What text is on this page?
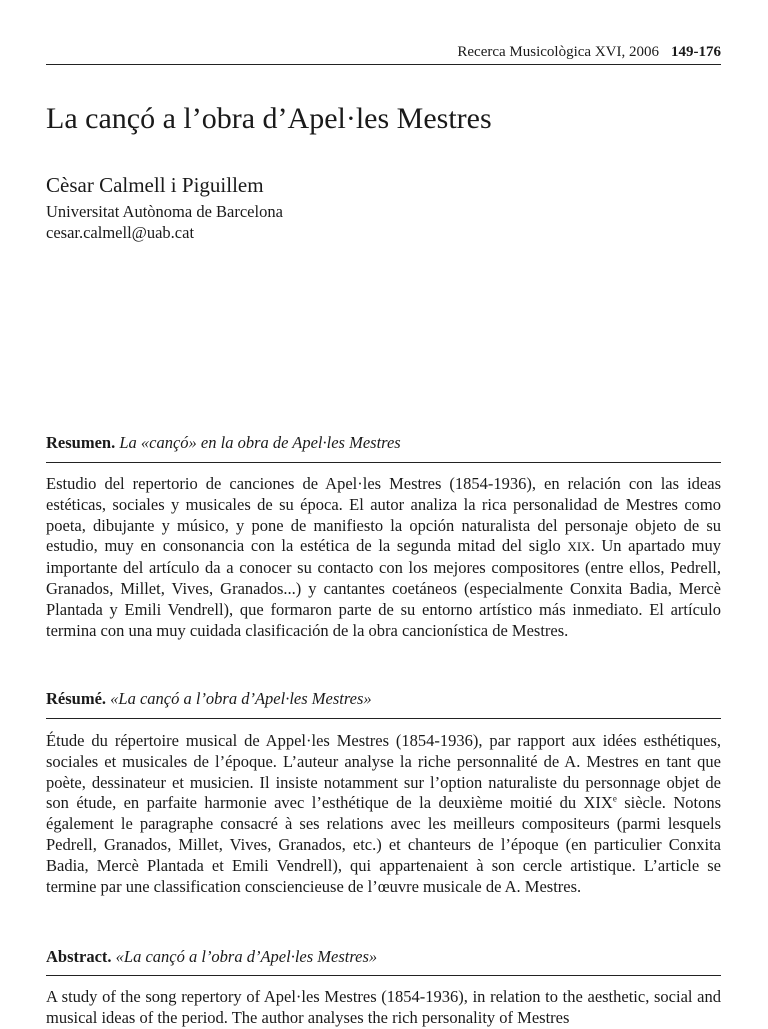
Recerca Musicològica XVI, 2006 149-176
La cançó a l’obra d’Apel·les Mestres
Cèsar Calmell i Piguillem
Universitat Autònoma de Barcelona
cesar.calmell@uab.cat
Resumen. La «cançó» en la obra de Apel·les Mestres

Estudio del repertorio de canciones de Apel·les Mestres (1854-1936), en relación con las ideas estéticas, sociales y musicales de su época. El autor analiza la rica personalidad de Mestres como poeta, dibujante y músico, y pone de manifiesto la opción naturalista del personaje objeto de su estudio, muy en consonancia con la estética de la segunda mitad del siglo XIX. Un apartado muy importante del artículo da a conocer su contacto con los mejores compositores (entre ellos, Pedrell, Granados, Millet, Vives, Granados...) y cantantes coetáneos (especialmente Conxita Badia, Mercè Plantada y Emili Vendrell), que formaron parte de su entorno artístico más inmediato. El artículo termina con una muy cuidada clasificación de la obra cancionística de Mestres.

Résumé. «La cançó a l’obra d’Apel·les Mestres»

Étude du répertoire musical de Appel·les Mestres (1854-1936), par rapport aux idées esthétiques, sociales et musicales de l’époque. L’auteur analyse la riche personnalité de A. Mestres en tant que poète, dessinateur et musicien. Il insiste notamment sur l’option naturaliste du personnage objet de son étude, en parfaite harmonie avec l’esthétique de la deuxième moitié du XIXe siècle. Notons également le paragraphe consacré à ses relations avec les meilleurs compositeurs (parmi lesquels Pedrell, Granados, Millet, Vives, Granados, etc.) et chanteurs de l’époque (en particulier Conxita Badia, Mercè Plantada et Emili Vendrell), qui appartenaient à son cercle artistique. L’article se termine par une classification consciencieuse de l’œuvre musicale de A. Mestres.

Abstract. «La cançó a l’obra d’Apel·les Mestres»

A study of the song repertory of Apel·les Mestres (1854-1936), in relation to the aesthetic, social and musical ideas of the period. The author analyses the rich personality of Mestres
